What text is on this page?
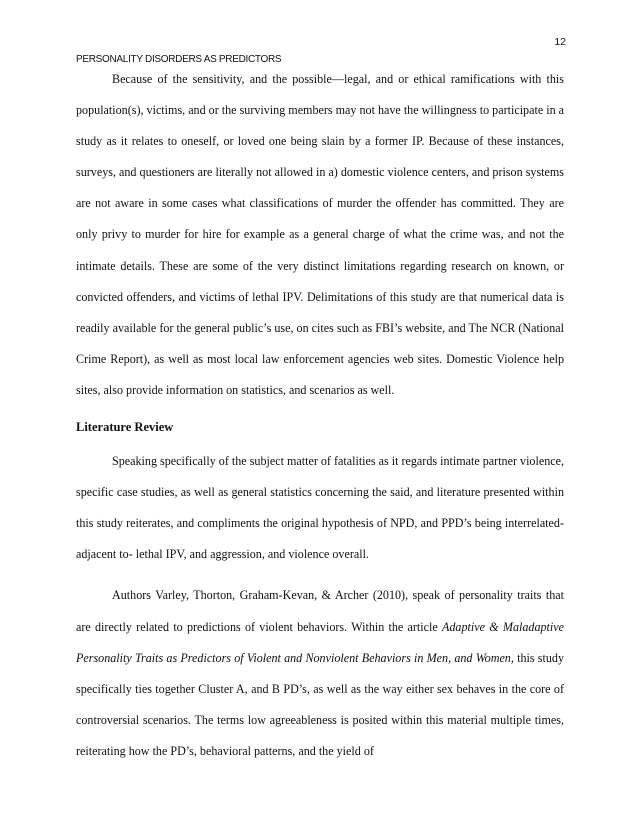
12

PERSONALITY DISORDERS AS PREDICTORS

Because of the sensitivity, and the possible—legal, and or ethical ramifications with this population(s), victims, and or the surviving members may not have the willingness to participate in a study as it relates to oneself, or loved one being slain by a former IP. Because of these instances, surveys, and questioners are literally not allowed in a) domestic violence centers, and prison systems are not aware in some cases what classifications of murder the offender has committed. They are only privy to murder for hire for example as a general charge of what the crime was, and not the intimate details. These are some of the very distinct limitations regarding research on known, or convicted offenders, and victims of lethal IPV. Delimitations of this study are that numerical data is readily available for the general public’s use, on cites such as FBI’s website, and The NCR (National Crime Report), as well as most local law enforcement agencies web sites. Domestic Violence help sites, also provide information on statistics, and scenarios as well.

Literature Review

Speaking specifically of the subject matter of fatalities as it regards intimate partner violence, specific case studies, as well as general statistics concerning the said, and literature presented within this study reiterates, and compliments the original hypothesis of NPD, and PPD’s being interrelated- adjacent to- lethal IPV, and aggression, and violence overall.

Authors Varley, Thorton, Graham-Kevan, & Archer (2010), speak of personality traits that are directly related to predictions of violent behaviors. Within the article Adaptive & Maladaptive Personality Traits as Predictors of Violent and Nonviolent Behaviors in Men, and Women, this study specifically ties together Cluster A, and B PD’s, as well as the way either sex behaves in the core of controversial scenarios. The terms low agreeableness is posited within this material multiple times, reiterating how the PD’s, behavioral patterns, and the yield of
